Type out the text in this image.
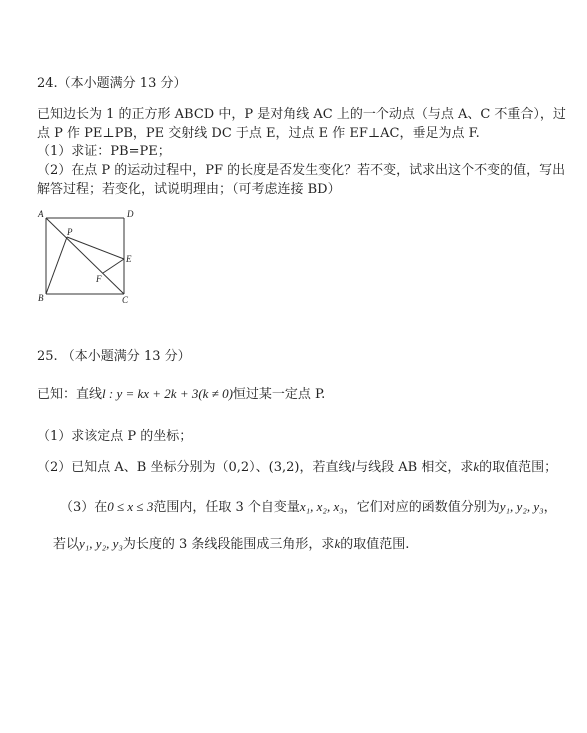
24.（本小题满分 13 分）
已知边长为 1 的正方形 ABCD 中，P 是对角线 AC 上的一个动点（与点 A、C 不重合），过
点 P 作 PE⊥PB，PE 交射线 DC 于点 E，过点 E 作 EF⊥AC，垂足为点 F.
（1）求证：PB=PE；
（2）在点 P 的运动过程中，PF 的长度是否发生变化？若不变，试求出这个不变的值，写出
解答过程；若变化，试说明理由；（可考虑连接 BD）
A	D
P
E
F
B	C
25. （本小题满分 13 分）
已知：直线l : y = kx + 2k + 3(k ≠ 0)恒过某一定点 P.
（1）求该定点 P 的坐标；
（2）已知点 A、B 坐标分别为（0,2）、(3,2)，若直线l与线段 AB 相交，求k的取值范围；
（3）在0 ≤ x ≤ 3范围内，任取 3 个自变量x₁, x₂, x₃，它们对应的函数值分别为y₁, y₂, y₃，
若以y₁, y₂, y₃为长度的 3 条线段能围成三角形，求k的取值范围.
